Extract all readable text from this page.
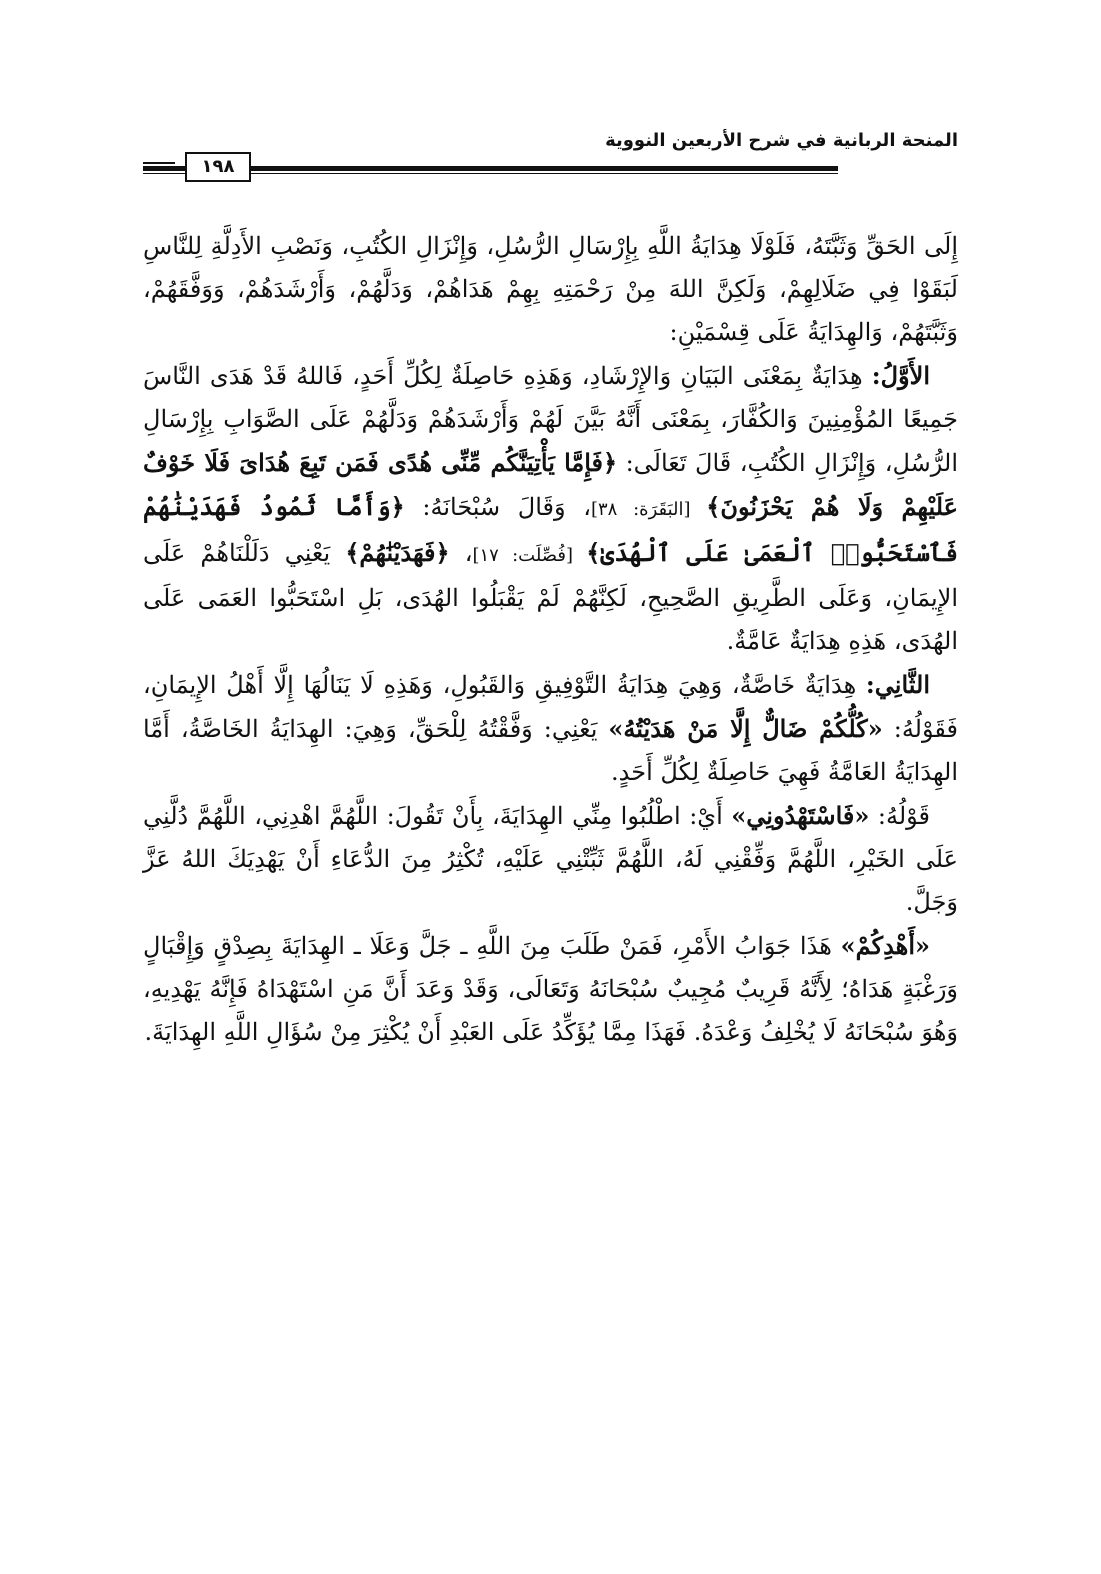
المنحة الربانية في شرح الأربعين النووية
١٩٨

إِلَى الحَقِّ وَثَبَّتَهُ، فَلَوْلَا هِدَايَةُ اللَّهِ بِإِرْسَالِ الرُّسُلِ، وَإِنْزَالِ الكُتُبِ، وَنَصْبِ الأَدِلَّةِ لِلنَّاسِ لَبَقَوْا فِي ضَلَالِهِمْ، وَلَكِنَّ اللهَ مِنْ رَحْمَتِهِ بِهِمْ هَدَاهُمْ، وَدَلَّهُمْ، وَأَرْشَدَهُمْ، وَوَفَّقَهُمْ، وَثَبَّتَهُمْ، وَالهِدَايَةُ عَلَى قِسْمَيْنِ:

الأَوَّلُ: هِدَايَةٌ بِمَعْنَى البَيَانِ وَالإِرْشَادِ، وَهَذِهِ حَاصِلَةٌ لِكُلِّ أَحَدٍ، فَاللهُ قَدْ هَدَى النَّاسَ جَمِيعًا المُؤْمِنِينَ وَالكُفَّارَ، بِمَعْنَى أَنَّهُ بَيَّنَ لَهُمْ وَأَرْشَدَهُمْ وَدَلَّهُمْ عَلَى الصَّوَابِ بِإِرْسَالِ الرُّسُلِ، وَإِنْزَالِ الكُتُبِ، قَالَ تَعَالَى: ﴿فَإِمَّا يَأْتِيَنَّكُم مِّنِّى هُدًى فَمَن تَبِعَ هُدَاىَ فَلَا خَوْفٌ عَلَيْهِمْ وَلَا هُمْ يَحْزَنُونَ﴾ [البَقَرَة: ٣٨]، وَقَالَ سُبْحَانَهُ: ﴿وَأَمَّا ثَمُودُ فَهَدَيْنَٰهُمْ فَٱسْتَحَبُّوا۟ ٱلْعَمَىٰ عَلَى ٱلْهُدَىٰ﴾ [فُصِّلَت: ١٧]، ﴿فَهَدَيْنَٰهُمْ﴾ يَعْنِي دَلَلْنَاهُمْ عَلَى الإِيمَانِ، وَعَلَى الطَّرِيقِ الصَّحِيحِ، لَكِنَّهُمْ لَمْ يَقْبَلُوا الهُدَى، بَلِ اسْتَحَبُّوا العَمَى عَلَى الهُدَى، هَذِهِ هِدَايَةٌ عَامَّةٌ.

الثَّانِي: هِدَايَةٌ خَاصَّةٌ، وَهِيَ هِدَايَةُ التَّوْفِيقِ وَالقَبُولِ، وَهَذِهِ لَا يَنَالُهَا إِلَّا أَهْلُ الإِيمَانِ، فَقَوْلُهُ: «كُلُّكُمْ ضَالٌّ إِلَّا مَنْ هَدَيْتُهُ» يَعْنِي: وَفَّقْتُهُ لِلْحَقِّ، وَهِيَ: الهِدَايَةُ الخَاصَّةُ، أَمَّا الهِدَايَةُ العَامَّةُ فَهِيَ حَاصِلَةٌ لِكُلِّ أَحَدٍ.

قَوْلُهُ: «فَاسْتَهْدُونِي» أَيْ: اطْلُبُوا مِنِّي الهِدَايَةَ، بِأَنْ تَقُولَ: اللَّهُمَّ اهْدِنِي، اللَّهُمَّ دُلَّنِي عَلَى الخَيْرِ، اللَّهُمَّ وَفِّقْنِي لَهُ، اللَّهُمَّ ثَبِّتْنِي عَلَيْهِ، تُكْثِرُ مِنَ الدُّعَاءِ أَنْ يَهْدِيَكَ اللهُ عَزَّ وَجَلَّ.

«أَهْدِكُمْ» هَذَا جَوَابُ الأَمْرِ، فَمَنْ طَلَبَ مِنَ اللَّهِ ـ جَلَّ وَعَلَا ـ الهِدَايَةَ بِصِدْقٍ وَإِقْبَالٍ وَرَغْبَةٍ هَدَاهُ؛ لِأَنَّهُ قَرِيبٌ مُجِيبٌ سُبْحَانَهُ وَتَعَالَى، وَقَدْ وَعَدَ أَنَّ مَنِ اسْتَهْدَاهُ فَإِنَّهُ يَهْدِيهِ، وَهُوَ سُبْحَانَهُ لَا يُخْلِفُ وَعْدَهُ. فَهَذَا مِمَّا يُؤَكِّدُ عَلَى العَبْدِ أَنْ يُكْثِرَ مِنْ سُؤَالِ اللَّهِ الهِدَايَةَ.
